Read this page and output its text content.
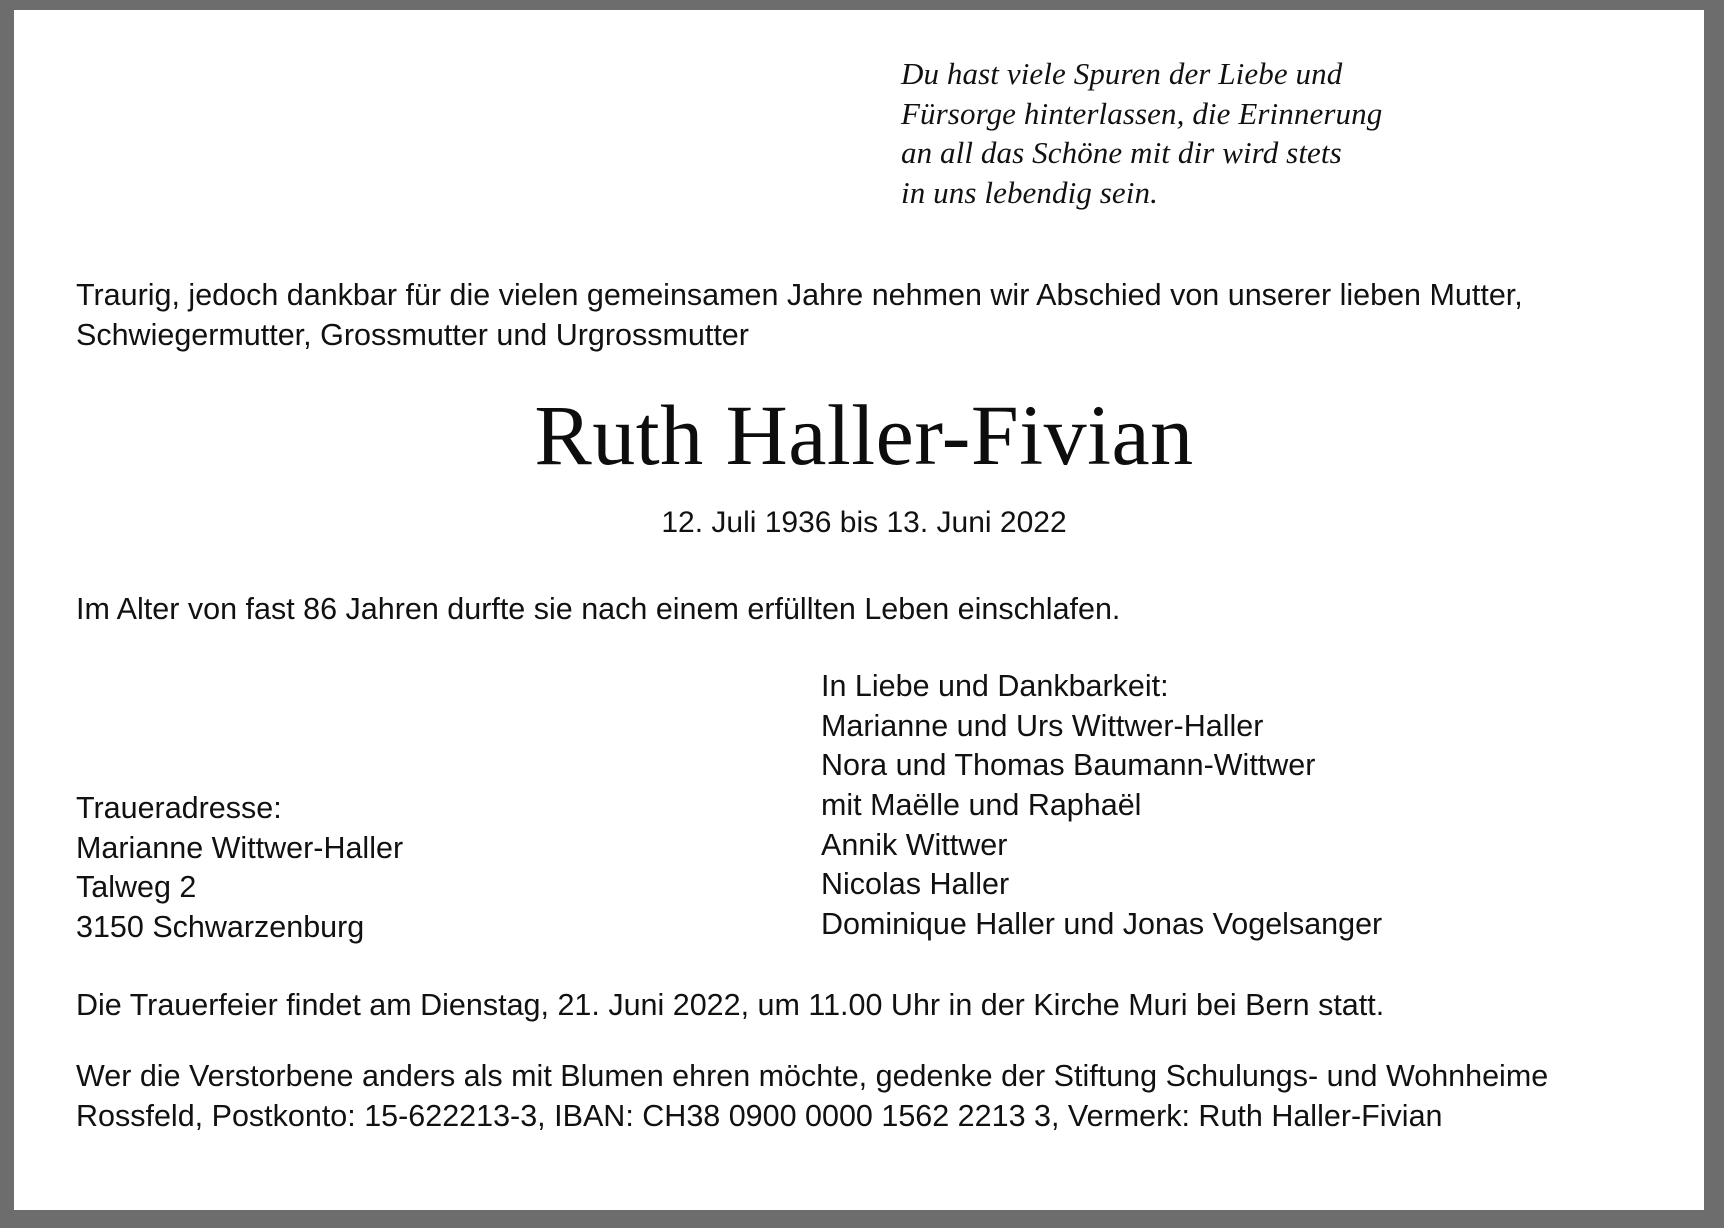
Du hast viele Spuren der Liebe und
Fürsorge hinterlassen, die Erinnerung
an all das Schöne mit dir wird stets
in uns lebendig sein.
Traurig, jedoch dankbar für die vielen gemeinsamen Jahre nehmen wir Abschied von unserer lieben Mutter,
Schwiegermutter, Grossmutter und Urgrossmutter
Ruth Haller-Fivian
12. Juli 1936 bis 13. Juni 2022
Im Alter von fast 86 Jahren durfte sie nach einem erfüllten Leben einschlafen.
In Liebe und Dankbarkeit:
Marianne und Urs Wittwer-Haller
Nora und Thomas Baumann-Wittwer
mit Maëlle und Raphaël
Annik Wittwer
Nicolas Haller
Dominique Haller und Jonas Vogelsanger
Traueradresse:
Marianne Wittwer-Haller
Talweg 2
3150 Schwarzenburg
Die Trauerfeier findet am Dienstag, 21. Juni 2022, um 11.00 Uhr in der Kirche Muri bei Bern statt.
Wer die Verstorbene anders als mit Blumen ehren möchte, gedenke der Stiftung Schulungs- und Wohnheime
Rossfeld, Postkonto: 15-622213-3, IBAN: CH38 0900 0000 1562 2213 3, Vermerk: Ruth Haller-Fivian
